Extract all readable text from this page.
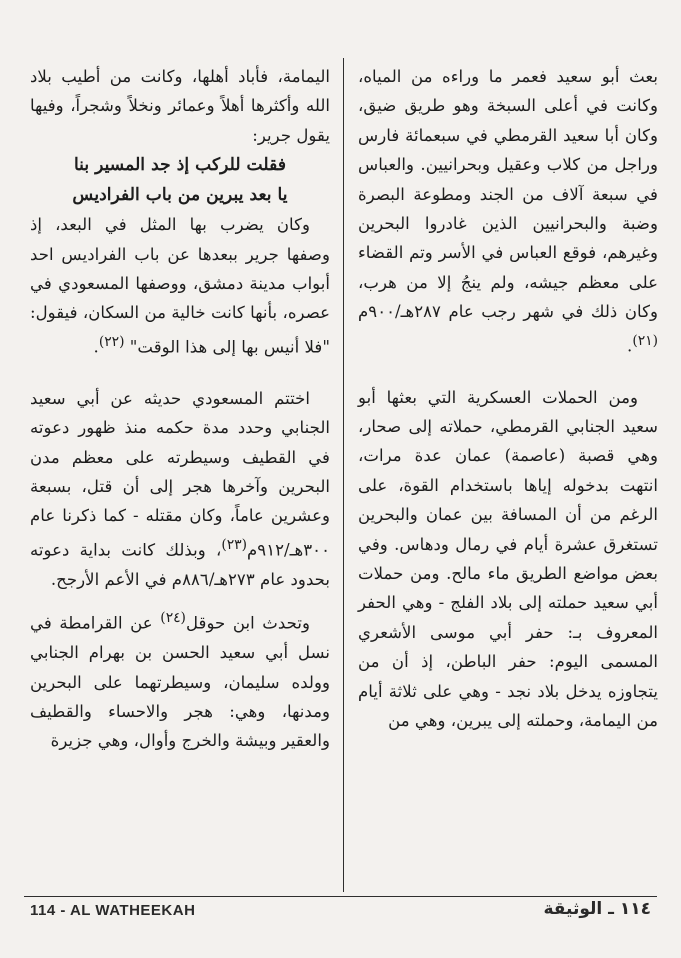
بعث أبو سعيد فعمر ما وراءه من المياه، وكانت في أعلى السبخة وهو طريق ضيق، وكان أبا سعيد القرمطي في سبعمائة فارس وراجل من كلاب وعقيل وبحرانيين. والعباس في سبعة آلاف من الجند ومطوعة البصرة وضبة والبحرانيين الذين غادروا البحرين وغيرهم، فوقع العباس في الأسر وتم القضاء على معظم جيشه، ولم ينجُ إلا من هرب، وكان ذلك في شهر رجب عام ٢٨٧هـ/٩٠٠م $^{(٢١)}$.

ومن الحملات العسكرية التي بعثها أبو سعيد الجنابي القرمطي، حملاته إلى صحار، وهي قصبة (عاصمة) عمان عدة مرات، انتهت بدخوله إياها باستخدام القوة، على الرغم من أن المسافة بين عمان والبحرين تستغرق عشرة أيام في رمال ودهاس. وفي بعض مواضع الطريق ماء مالح. ومن حملات أبي سعيد حملته إلى بلاد الفلج - وهي الحفر المعروف بـ: حفر أبي موسى الأشعري المسمى اليوم: حفر الباطن، إذ أن من يتجاوزه يدخل بلاد نجد - وهي على ثلاثة أيام من اليمامة، وحملته إلى يبرين، وهي من

اليمامة، فأباد أهلها، وكانت من أطيب بلاد الله وأكثرها أهلاً وعمائر ونخلاً وشجراً، وفيها يقول جرير:

فقلت للركب إذ جد المسير بنا

يا بعد يبرين من باب الفراديس

وكان يضرب بها المثل في البعد، إذ وصفها جرير ببعدها عن باب الفراديس احد أبواب مدينة دمشق، ووصفها المسعودي في عصره، بأنها كانت خالية من السكان، فيقول: "فلا أنيس بها إلى هذا الوقت" $^{(٢٢)}$.

اختتم المسعودي حديثه عن أبي سعيد الجنابي وحدد مدة حكمه منذ ظهور دعوته في القطيف وسيطرته على معظم مدن البحرين وآخرها هجر إلى أن قتل، بسبعة وعشرين عاماً، وكان مقتله - كما ذكرنا عام ٣٠٠هـ/٩١٢م$^{(٢٣)}$، وبذلك كانت بداية دعوته بحدود عام ٢٧٣هـ/٨٨٦م في الأعم الأرجح.

وتحدث ابن حوقل$^{(٢٤)}$ عن القرامطة في نسل أبي سعيد الحسن بن بهرام الجنابي وولده سليمان، وسيطرتهما على البحرين ومدنها، وهي: هجر والاحساء والقطيف والعقير وبيشة والخرج وأوال، وهي جزيرة

114 - AL WATHEEKAH	١١٤ ـ الوثيقة
